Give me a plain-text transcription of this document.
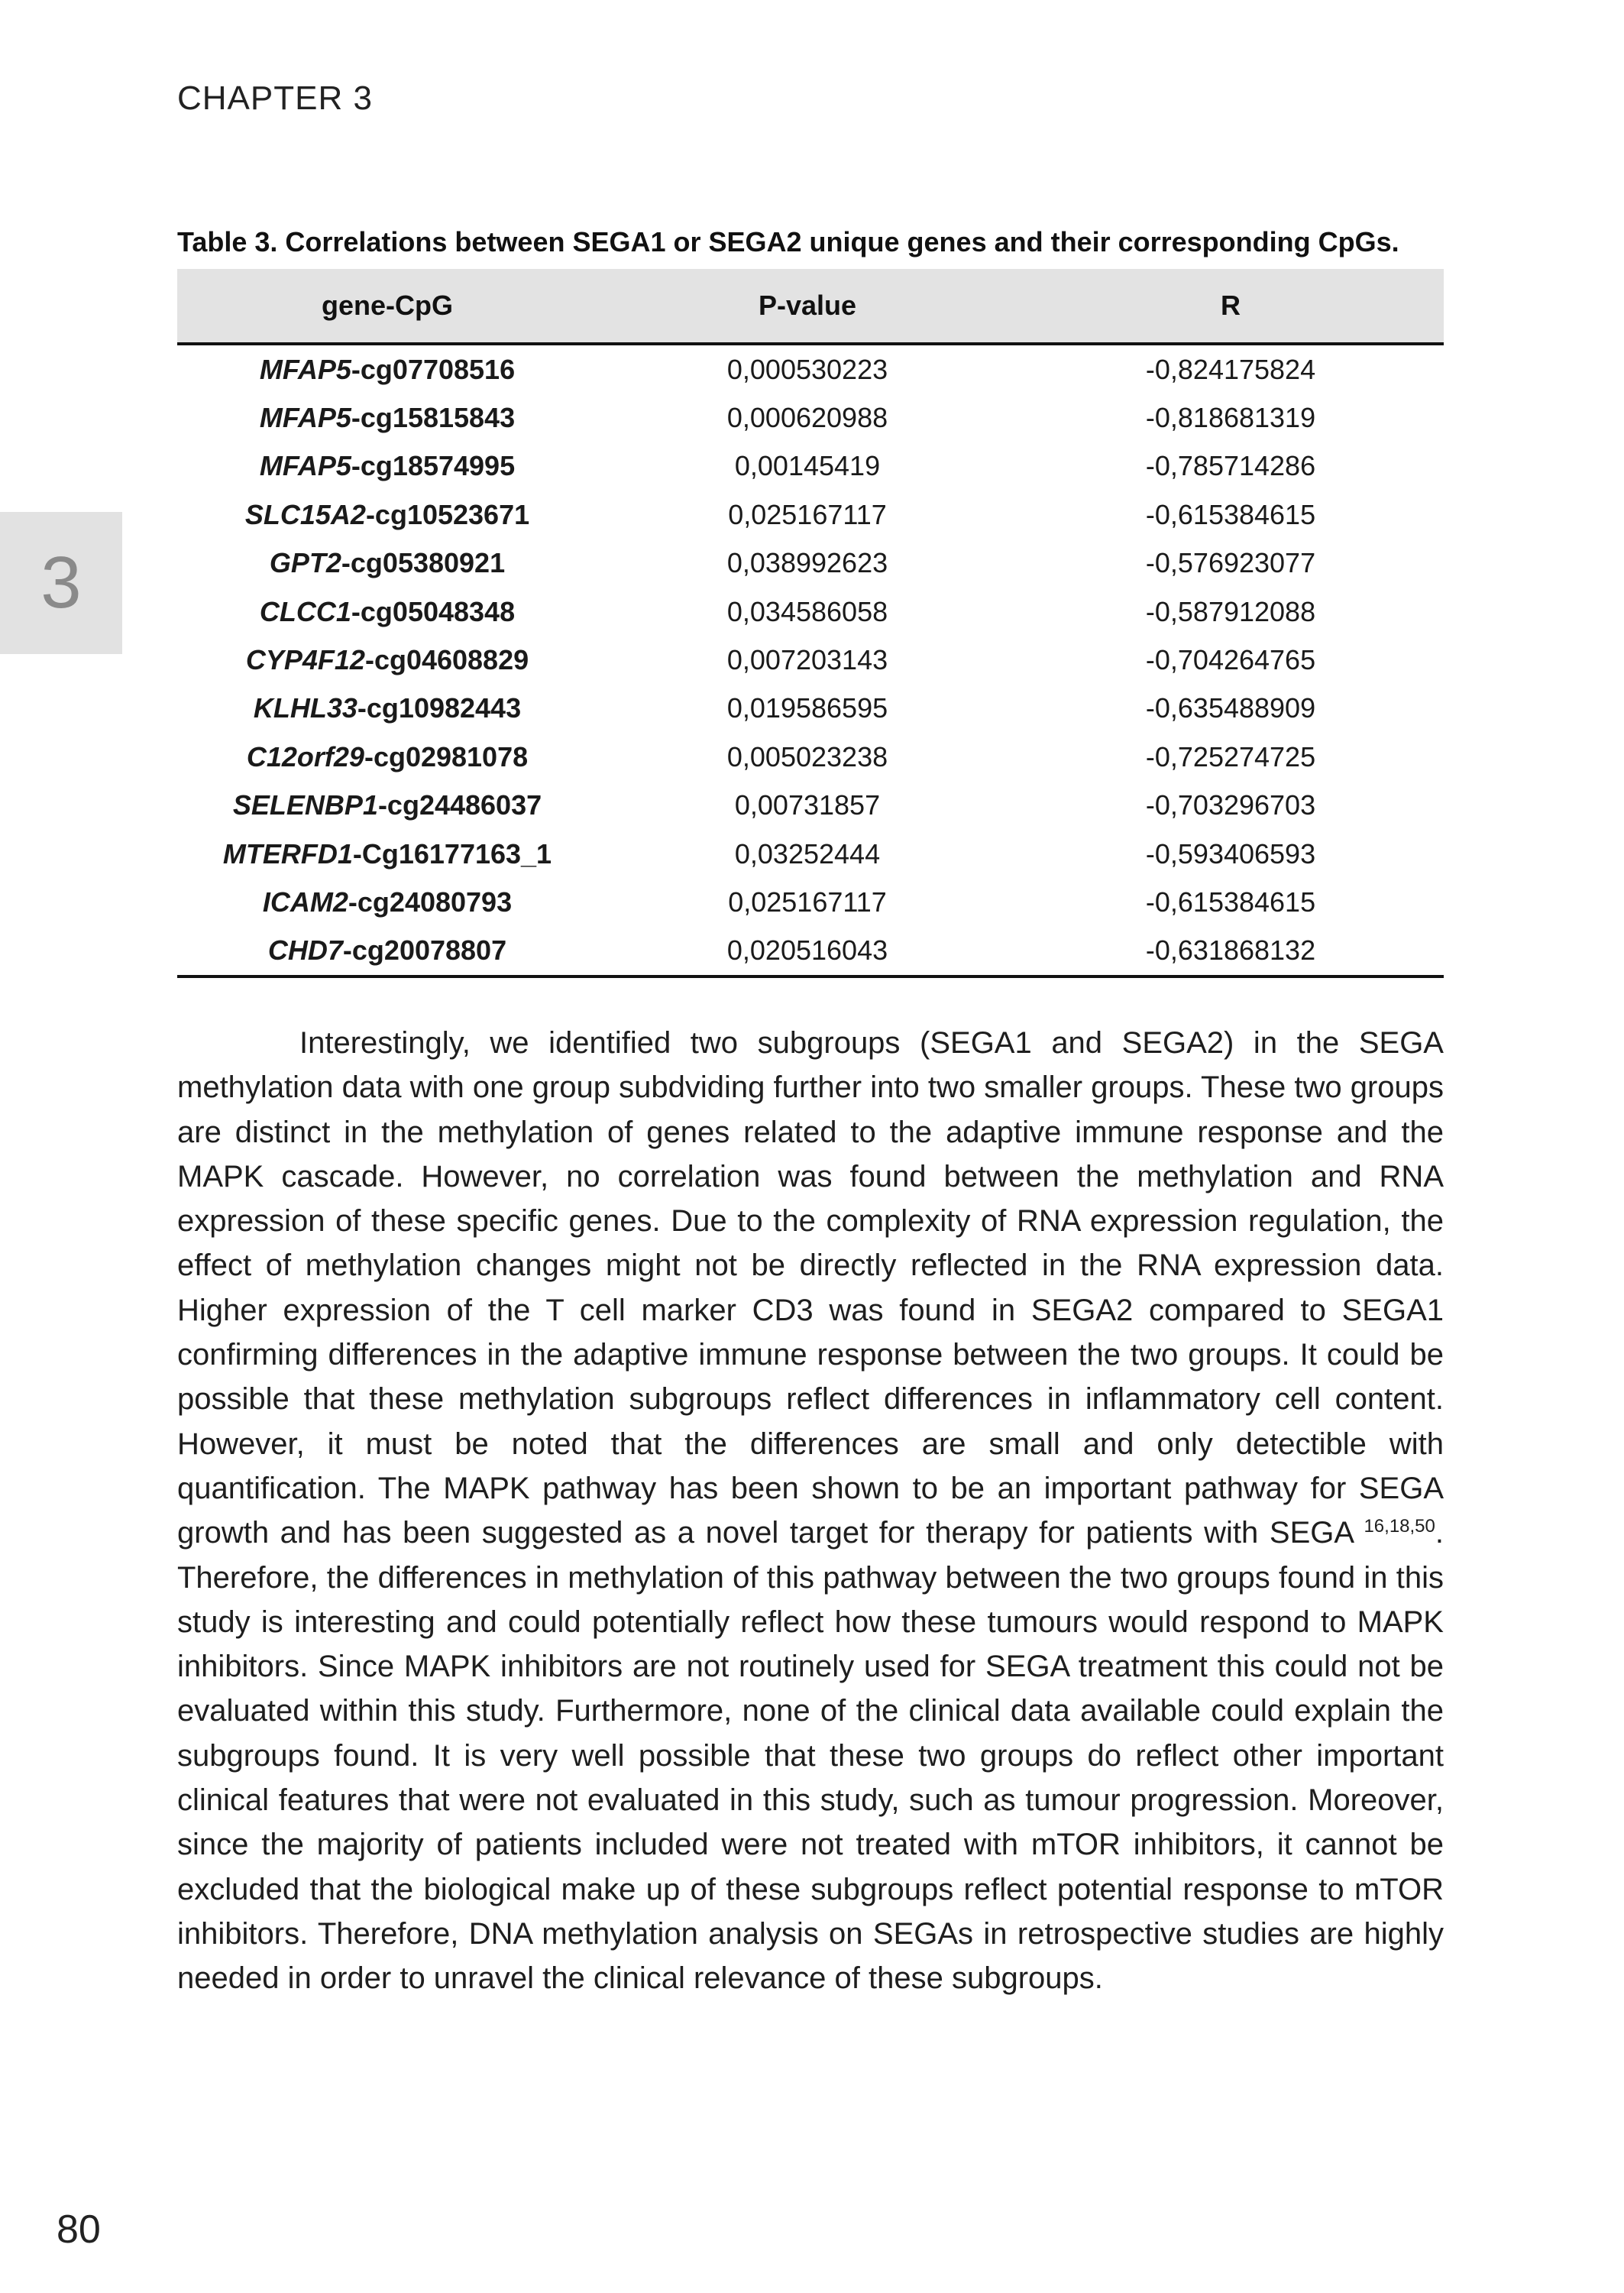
CHAPTER 3
3
Table 3. Correlations between SEGA1 or SEGA2 unique genes and their corresponding CpGs.
gene-CpG	P-value	R
MFAP5-cg07708516	0,000530223	-0,824175824
MFAP5-cg15815843	0,000620988	-0,818681319
MFAP5-cg18574995	0,00145419	-0,785714286
SLC15A2-cg10523671	0,025167117	-0,615384615
GPT2-cg05380921	0,038992623	-0,576923077
CLCC1-cg05048348	0,034586058	-0,587912088
CYP4F12-cg04608829	0,007203143	-0,704264765
KLHL33-cg10982443	0,019586595	-0,635488909
C12orf29-cg02981078	0,005023238	-0,725274725
SELENBP1-cg24486037	0,00731857	-0,703296703
MTERFD1-Cg16177163_1	0,03252444	-0,593406593
ICAM2-cg24080793	0,025167117	-0,615384615
CHD7-cg20078807	0,020516043	-0,631868132
Interestingly, we identified two subgroups (SEGA1 and SEGA2) in the SEGA methylation data with one group subdviding further into two smaller groups. These two groups are distinct in the methylation of genes related to the adaptive immune response and the MAPK cascade. However, no correlation was found between the methylation and RNA expression of these specific genes. Due to the complexity of RNA expression regulation, the effect of methylation changes might not be directly reflected in the RNA expression data. Higher expression of the T cell marker CD3 was found in SEGA2 compared to SEGA1 confirming differences in the adaptive immune response between the two groups. It could be possible that these methylation subgroups reflect differences in inflammatory cell content. However, it must be noted that the differences are small and only detectible with quantification. The MAPK pathway has been shown to be an important pathway for SEGA growth and has been suggested as a novel target for therapy for patients with SEGA $^{16,18,50}$. Therefore, the differences in methylation of this pathway between the two groups found in this study is interesting and could potentially reflect how these tumours would respond to MAPK inhibitors. Since MAPK inhibitors are not routinely used for SEGA treatment this could not be evaluated within this study. Furthermore, none of the clinical data available could explain the subgroups found. It is very well possible that these two groups do reflect other important clinical features that were not evaluated in this study, such as tumour progression. Moreover, since the majority of patients included were not treated with mTOR inhibitors, it cannot be excluded that the biological make up of these subgroups reflect potential response to mTOR inhibitors. Therefore, DNA methylation analysis on SEGAs in retrospective studies are highly needed in order to unravel the clinical relevance of these subgroups.
80
